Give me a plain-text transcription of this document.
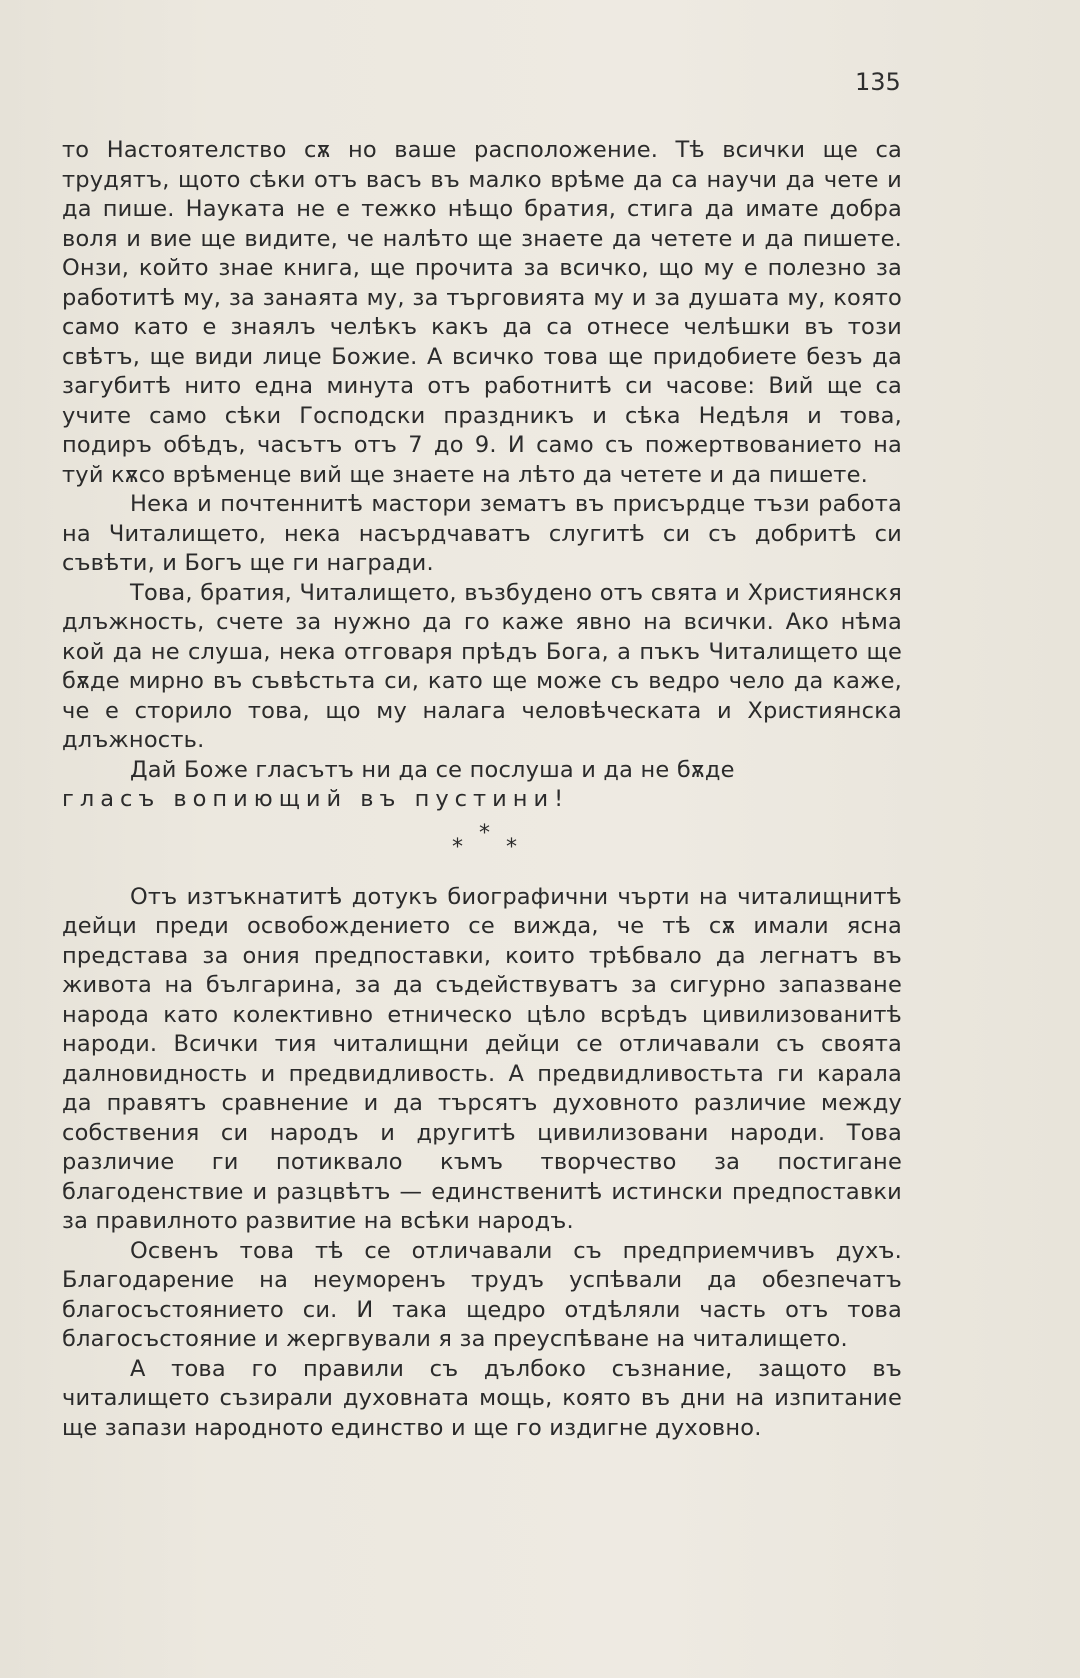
135

то Настоятелство сѫ но ваше расположение. Тѣ всички ще са трудятъ, щото сѣки отъ васъ въ малко врѣме да са научи да чете и да пише. Науката не е тежко нѣщо братия, стига да имате добра воля и вие ще видите, че налѣто ще знаете да четете и да пишете. Онзи, който знае книга, ще прочита за всичко, що му е полезно за работитѣ му, за занаята му, за търговията му и за душата му, която само като е знаялъ челѣкъ какъ да са отнесе челѣшки въ този свѣтъ, ще види лице Божие. А всичко това ще придобиете безъ да загубитѣ нито една минута отъ работнитѣ си часове: Вий ще са учите само сѣки Господски праздникъ и сѣка Недѣля и това, подиръ обѣдъ, часътъ отъ 7 до 9. И само съ пожертвованието на туй кѫсо врѣменце вий ще знаете на лѣто да четете и да пишете.

Нека и почтеннитѣ мастори зематъ въ присърдце тъзи работа на Читалището, нека насърдчаватъ слугитѣ си съ добритѣ си съвѣти, и Богъ ще ги награди.

Това, братия, Читалището, възбудено отъ свята и Християнскя длъжность, счете за нужно да го каже явно на всички. Ако нѣма кой да не слуша, нека отговаря прѣдъ Бога, а пъкъ Читалището ще бѫде мирно въ съвѣстьта си, като ще може съ ведро чело да каже, че е сторило това, що му налага человѣческата и Християнска длъжность.

Дай Боже гласътъ ни да се послуша и да не бѫде

гласъ вопиющий въ пустини!

*
*
*

Отъ изтъкнатитѣ дотукъ биографични чърти на читалищнитѣ дейци преди освобождението се вижда, че тѣ сѫ имали ясна представа за ония предпоставки, които трѣбвало да легнатъ въ живота на българина, за да съдействуватъ за сигурно запазване народа като колективно етническо цѣло всрѣдъ цивилизованитѣ народи. Всички тия читалищни дейци се отличавали съ своята далновидность и предвидливость. А предвидливостьта ги карала да правятъ сравнение и да търсятъ духовното различие между собствения си народъ и другитѣ цивилизовани народи. Това различие ги потиквало къмъ творчество за постигане благоденствие и разцвѣтъ — единственитѣ истински предпоставки за правилното развитие на всѣки народъ.

Освенъ това тѣ се отличавали съ предприемчивъ духъ. Благодарение на неуморенъ трудъ успѣвали да обезпечатъ благосъстоянието си. И така щедро отдѣляли часть отъ това благосъстояние и жергвували я за преуспѣване на читалището.

А това го правили съ дълбоко съзнание, защото въ читалището съзирали духовната мощь, която въ дни на изпитание ще запази народното единство и ще го издигне духовно.
